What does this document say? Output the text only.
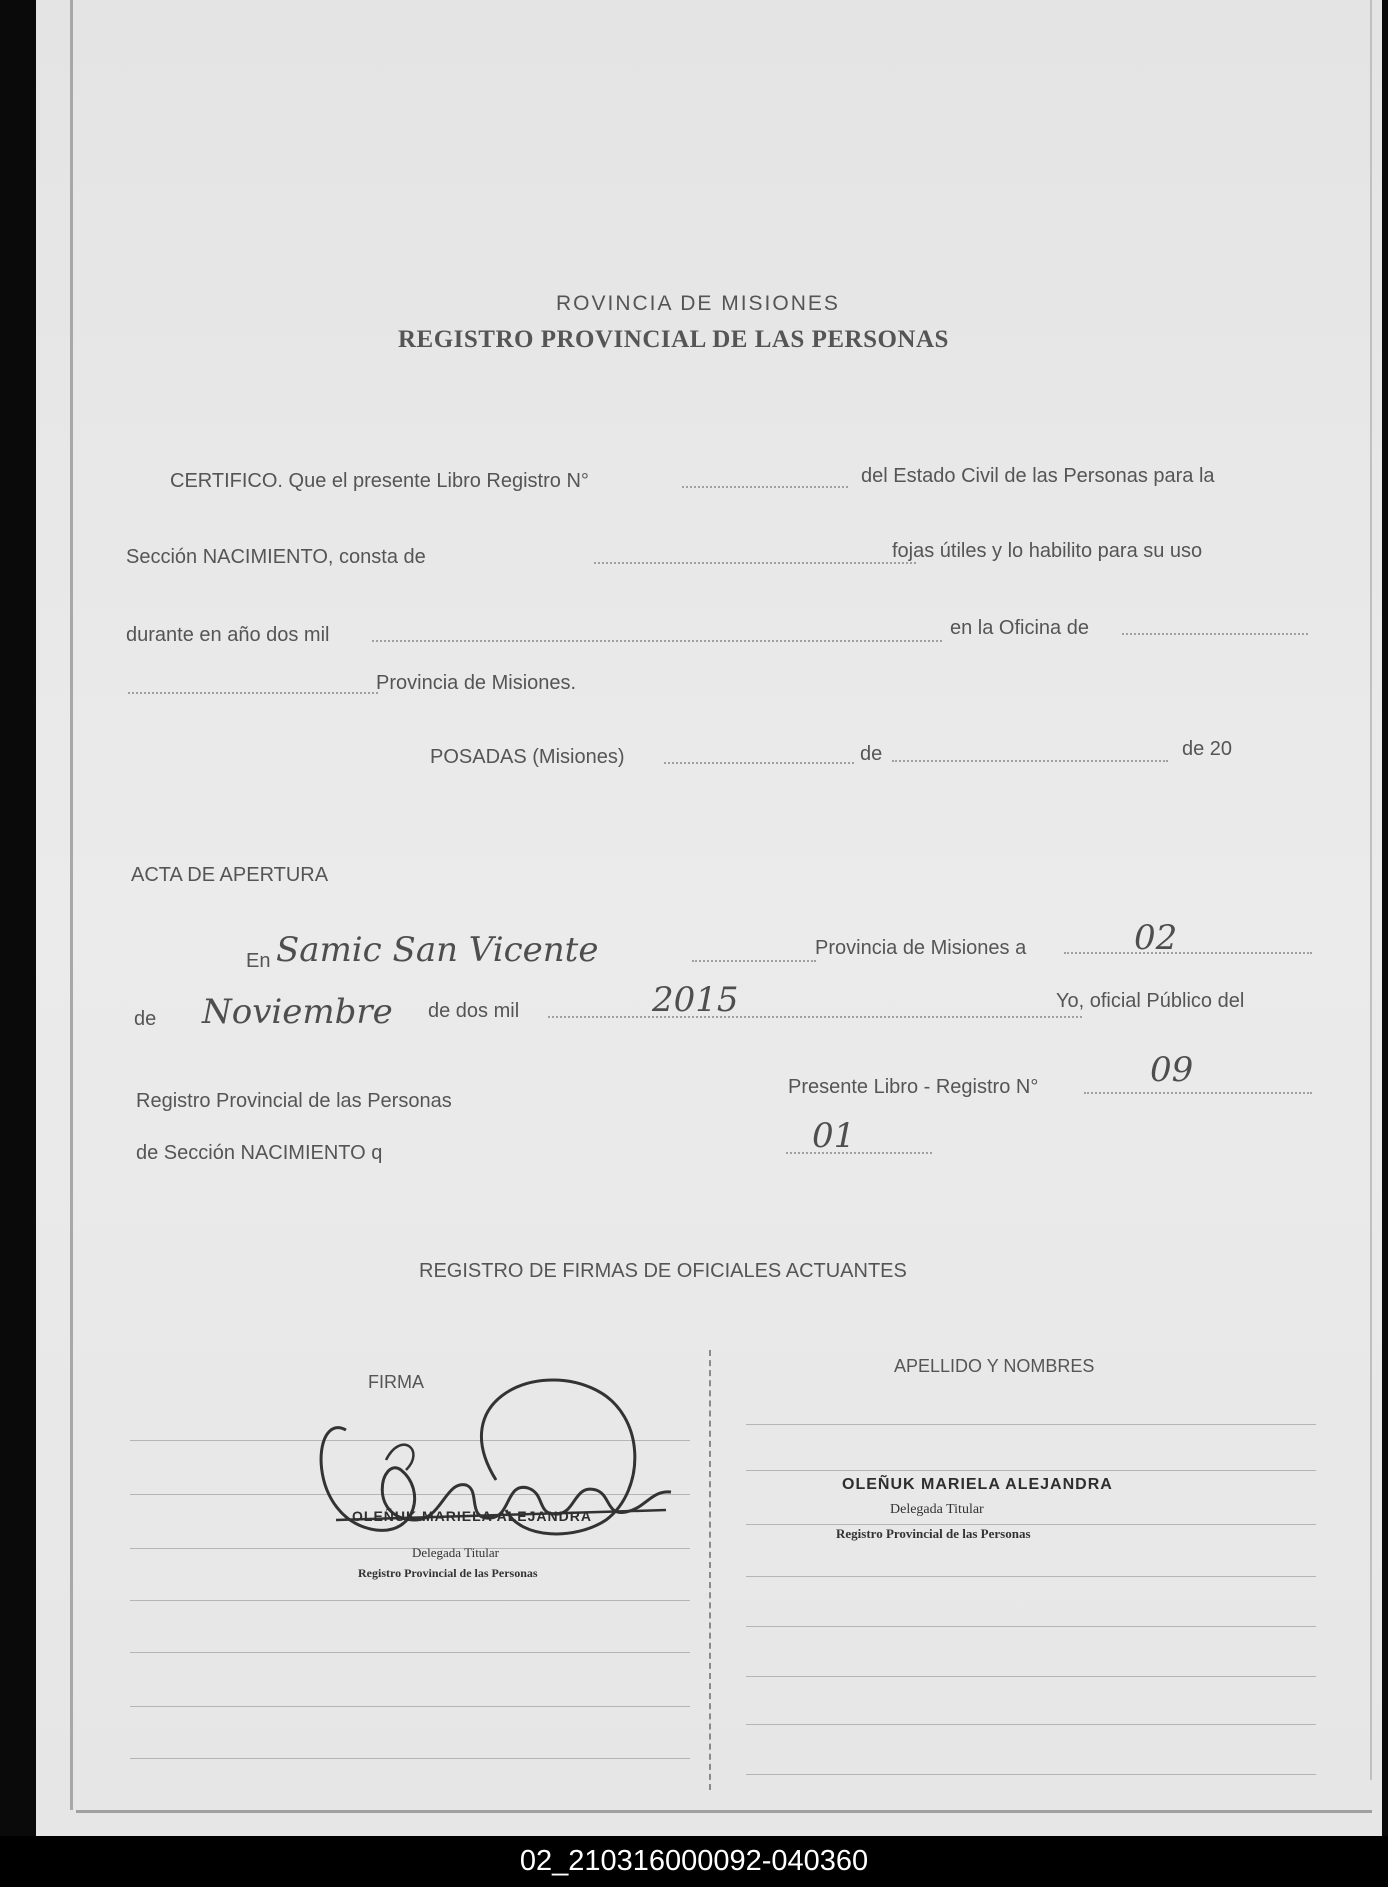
ROVINCIA DE MISIONES
REGISTRO PROVINCIAL DE LAS PERSONAS
CERTIFICO. Que el presente Libro Registro N°	del Estado Civil de las Personas para la
Sección NACIMIENTO, consta de	fojas útiles y lo habilito para su uso
durante en año dos mil	en la Oficina de
Provincia de Misiones.
POSADAS (Misiones)	de	de 20
ACTA DE APERTURA
En Samic San Vicente	Provincia de Misiones a	02
de Noviembre de dos mil	2015	Yo, oficial Público del
Registro Provincial de las Personas
Presente Libro - Registro N°	09
de Sección NACIMIENTO q	01
REGISTRO DE FIRMAS DE OFICIALES ACTUANTES
FIRMA
APELLIDO Y NOMBRES
OLEÑUK MARIELA ALEJANDRA
Delegada Titular
Registro Provincial de las Personas
OLEÑUK MARIELA ALEJANDRA
Delegada Titular
Registro Provincial de las Personas
02_210316000092-040360
